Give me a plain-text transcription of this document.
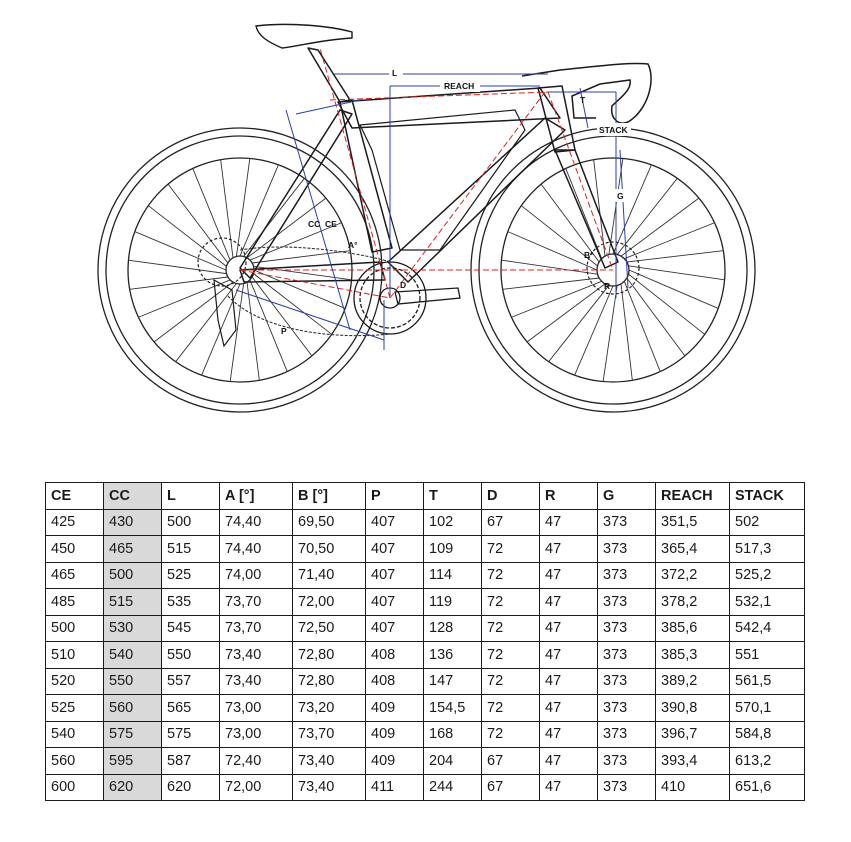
L
REACH
T
STACK
G
CC CE
A°
B°
D	R
P
CE	CC	L	A [°]	B [°]	P	T	D	R	G	REACH	STACK
425	430	500	74,40	69,50	407	102	67	47	373	351,5	502
450	465	515	74,40	70,50	407	109	72	47	373	365,4	517,3
465	500	525	74,00	71,40	407	114	72	47	373	372,2	525,2
485	515	535	73,70	72,00	407	119	72	47	373	378,2	532,1
500	530	545	73,70	72,50	407	128	72	47	373	385,6	542,4
510	540	550	73,40	72,80	408	136	72	47	373	385,3	551
520	550	557	73,40	72,80	408	147	72	47	373	389,2	561,5
525	560	565	73,00	73,20	409	154,5	72	47	373	390,8	570,1
540	575	575	73,00	73,70	409	168	72	47	373	396,7	584,8
560	595	587	72,40	73,40	409	204	67	47	373	393,4	613,2
600	620	620	72,00	73,40	411	244	67	47	373	410	651,6
